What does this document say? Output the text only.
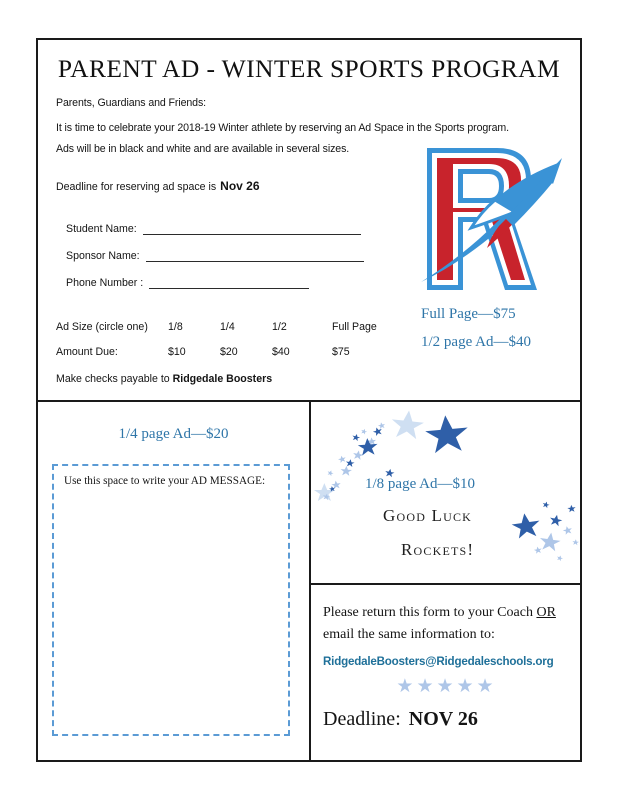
PARENT AD - WINTER SPORTS PROGRAM
Parents, Guardians and Friends:
It is time to celebrate your 2018-19 Winter athlete by reserving an Ad Space in the Sports program.
Ads will be in black and white and are available in several sizes.
Deadline for reserving ad space is Nov 26
Student Name:
Sponsor Name:
Phone Number :
Ad Size (circle one) 1/8	1/4	1/2	Full Page
Amount Due:	$10	$20	$40	$75
Make checks payable to Ridgedale Boosters
Full Page—$75
1/2 page Ad—$40
1/4 page Ad—$20
Use this space to write your AD MESSAGE:	1/8 page Ad—$10
Good Luck
Rockets!
Please return this form to your Coach OR
email the same information to:
RidgedaleBoosters@Ridgedaleschools.org
★★★★★
Deadline: NOV 26
